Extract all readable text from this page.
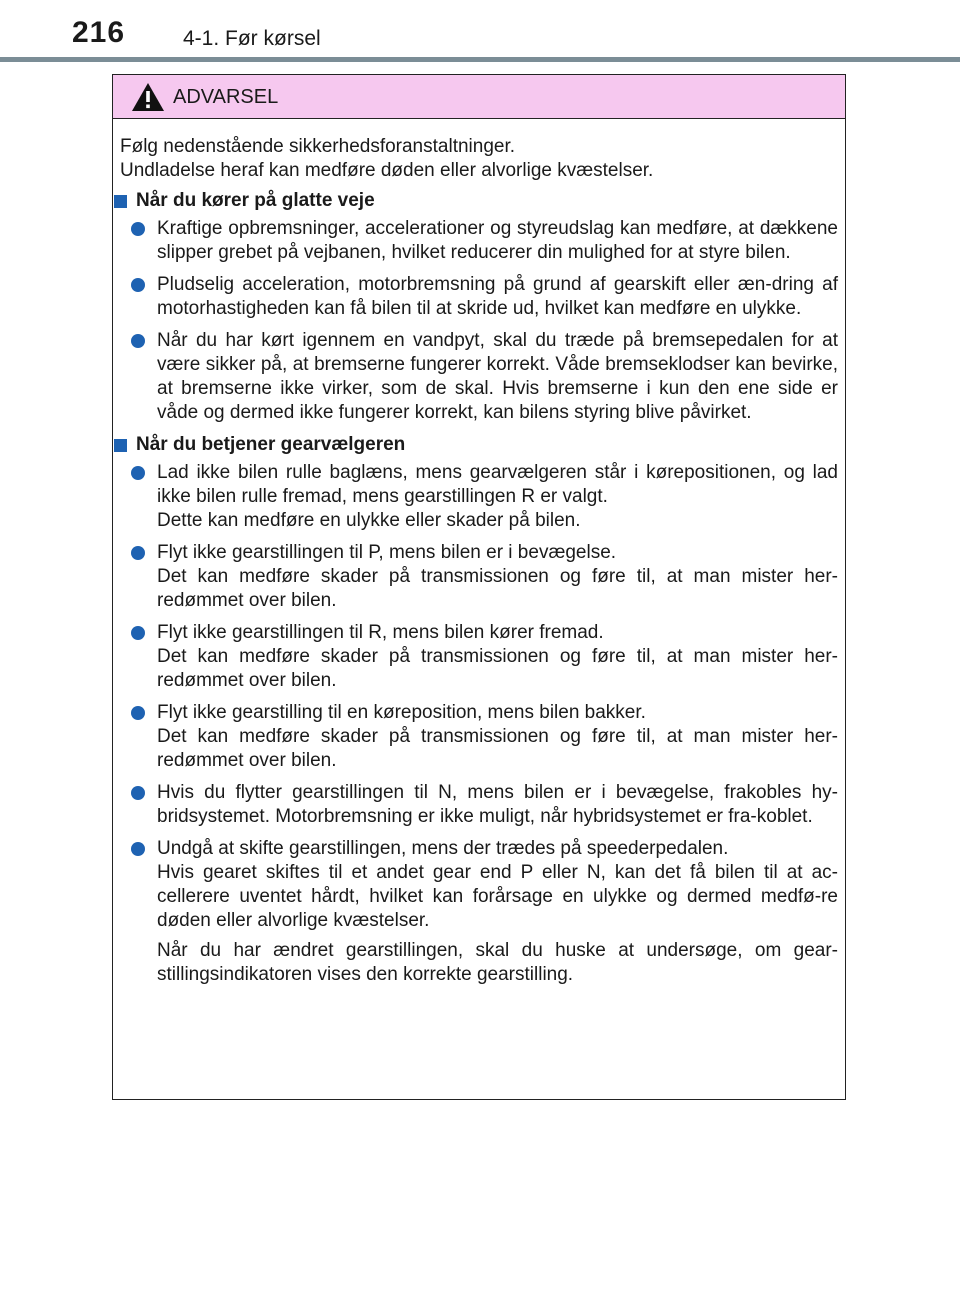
216	4-1. Før kørsel
ADVARSEL
Følg nedenstående sikkerhedsforanstaltninger.
Undladelse heraf kan medføre døden eller alvorlige kvæstelser.
Når du kører på glatte veje
Kraftige opbremsninger, accelerationer og styreudslag kan medføre, at dækkene slipper grebet på vejbanen, hvilket reducerer din mulighed for at styre bilen.
Pludselig acceleration, motorbremsning på grund af gearskift eller æn-dring af motorhastigheden kan få bilen til at skride ud, hvilket kan medføre en ulykke.
Når du har kørt igennem en vandpyt, skal du træde på bremsepedalen for at være sikker på, at bremserne fungerer korrekt. Våde bremseklodser kan bevirke, at bremserne ikke virker, som de skal. Hvis bremserne i kun den ene side er våde og dermed ikke fungerer korrekt, kan bilens styring blive påvirket.
Når du betjener gearvælgeren
Lad ikke bilen rulle baglæns, mens gearvælgeren står i kørepositionen, og lad ikke bilen rulle fremad, mens gearstillingen R er valgt.
Dette kan medføre en ulykke eller skader på bilen.
Flyt ikke gearstillingen til P, mens bilen er i bevægelse.
Det kan medføre skader på transmissionen og føre til, at man mister her-redømmet over bilen.
Flyt ikke gearstillingen til R, mens bilen kører fremad.
Det kan medføre skader på transmissionen og føre til, at man mister her-redømmet over bilen.
Flyt ikke gearstilling til en køreposition, mens bilen bakker.
Det kan medføre skader på transmissionen og føre til, at man mister her-redømmet over bilen.
Hvis du flytter gearstillingen til N, mens bilen er i bevægelse, frakobles hy-bridsystemet. Motorbremsning er ikke muligt, når hybridsystemet er fra-koblet.
Undgå at skifte gearstillingen, mens der trædes på speederpedalen.
Hvis gearet skiftes til et andet gear end P eller N, kan det få bilen til at ac-cellerere uventet hårdt, hvilket kan forårsage en ulykke og dermed medfø-re døden eller alvorlige kvæstelser.
Når du har ændret gearstillingen, skal du huske at undersøge, om gear-stillingsindikatoren vises den korrekte gearstilling.
